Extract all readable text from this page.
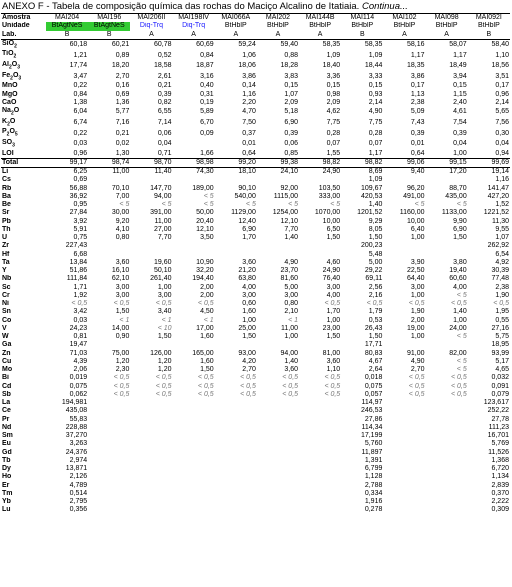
ANEXO F - Tabela de composição química das rochas do Maciço Alcalino de Itatiaia. Continua...
Amostra	MAI204	MAI196	MAI206II	MAI198IV	MAI066A	MAI202	MAI144B	MAI114	MAI102	MAI098	MAI092I
Unidade	BtAgtNeS	BtAgtNeS	Diq-Trq	Diq-Trq	BtHblP	BtHblP	BtHblP	BtHblP	BtHblP	BtHblP	BtHblP
Lab.	B	B	A	A	A	A	A	B	A	A	B
SiO$_2$	60,18	60,21	60,78	60,69	59,24	59,40	58,35	58,35	58,16	58,07	58,40
TiO$_2$	1,21	0,89	0,52	0,84	1,06	0,88	1,09	1,09	1,17	1,17	1,10
$Al_2O_3$	17,74	18,20	18,58	18,87	18,06	18,28	18,40	18,44	18,35	18,49	18,56
$Fe_2O_3$	3,47	2,70	2,61	3,16	3,86	3,83	3,36	3,33	3,86	3,94	3,51
MnO	0,22	0,16	0,21	0,40	0,14	0,15	0,15	0,15	0,17	0,15	0,17
MgO	0,84	0,69	0,39	0,31	1,16	1,07	0,98	0,93	1,13	1,15	0,96
CaO	1,38	1,36	0,82	0,19	2,20	2,09	2,09	2,14	2,38	2,40	2,14
$Na_2O$	6,04	5,77	6,55	5,89	4,70	5,18	4,62	4,90	5,09	4,61	5,65
$K_2O$	6,74	7,16	7,14	6,70	7,50	6,90	7,75	7,75	7,43	7,54	7,56
$P_2O_5$	0,22	0,21	0,06	0,09	0,37	0,39	0,28	0,28	0,39	0,39	0,30
$SO_3$	0,03	0,02	0,04		0,01	0,06	0,07	0,07	0,01	0,04	0,04
LOI	0,96	1,30	0,71	1,66	0,64	0,85	1,55	1,17	0,64	1,00	0,94
Total	99,17	98,74	98,70	98,98	99,20	99,38	98,82	98,82	99,06	99,15	99,69
Li	6,25	11,00	11,40	74,30	18,10	24,10	24,90	8,69	9,40	17,20	19,14
Cs	0,69							1,09			1,16
Rb	56,88	70,10	147,70	189,00	90,10	92,00	103,50	109,67	96,20	88,70	141,47
Ba	36,92	7,00	94,00	< 5	540,00	1115,00	333,00	420,53	491,00	435,00	427,20
Be	0,95	< 5	< 5	< 5	< 5	< 5	< 5	1,40	< 5	< 5	1,52
Sr	27,84	30,00	391,00	50,00	1129,00	1254,00	1070,00	1201,52	1160,00	1133,00	1221,52
Pb	3,92	9,20	11,00	20,40	12,40	12,10	10,00	9,29	10,00	9,90	11,30
Th	5,91	4,10	27,00	12,10	6,90	7,70	6,50	8,05	6,40	6,90	9,55
U	0,75	0,80	7,70	3,50	1,70	1,40	1,50	1,50	1,00	1,50	1,07
Zr	227,43							200,23			262,92
Hf	6,68							5,48			6,54
Ta	13,84	3,60	19,60	10,90	3,60	4,90	4,60	5,00	3,90	3,80	4,92
Y	51,86	16,10	50,10	32,20	21,20	23,70	24,90	29,22	22,50	19,40	30,39
Nb	111,84	62,10	261,40	194,40	63,80	81,60	76,40	69,11	64,40	60,60	77,48
Sc	1,71	3,00	1,00	2,00	4,00	5,00	3,00	2,56	3,00	4,00	2,38
Cr	1,92	3,00	3,00	2,00	3,00	3,00	4,00	2,16	1,00	< 5	1,90
Ni	< 0,5	< 0,5	< 0,5	< 0,5	0,60	0,80	< 0,5	< 0,5	< 0,5	< 0,5	< 0,5
Sn	3,42	1,50	3,40	4,50	1,60	2,10	1,70	1,79	1,90	1,40	1,95
Co	0,03	< 1	< 1	< 1	1,00	< 1	1,00	0,53	2,00	1,00	0,55
V	24,23	14,00	< 10	17,00	25,00	11,00	23,00	26,43	19,00	24,00	27,16
W	0,81	0,90	1,50	1,60	1,50	1,00	1,50	1,50	1,00	< 5	5,75
Ga	19,47							17,71			18,95
Zn	71,03	75,00	126,00	165,00	93,00	94,00	81,00	80,83	91,00	82,00	93,99
Cu	4,39	1,20	1,20	1,60	4,20	1,40	3,60	4,67	4,90	< 5	5,17
Mo	2,06	2,30	1,20	1,50	2,70	3,60	1,10	2,64	2,70	< 5	4,65
Bi	0,019	< 0,5	< 0,5	< 0,5	< 0,5	< 0,5	< 0,5	0,018	< 0,5	< 0,5	0,032
Cd	0,075	< 0,5	< 0,5	< 0,5	< 0,5	< 0,5	< 0,5	0,075	< 0,5	< 0,5	0,091
Sb	0,062	< 0,5	< 0,5	< 0,5	< 0,5	< 0,5	< 0,5	0,057	< 0,5	< 0,5	0,079
La	194,981							114,97			123,617
Ce	435,08							246,53			252,22
Pr	55,83							27,86			27,78
Nd	228,88							114,34			111,23
Sm	37,270							17,199			16,701
Eu	3,263							5,760			5,769
Gd	24,376							11,897			11,526
Tb	2,974							1,391			1,368
Dy	13,871							6,799			6,720
Ho	2,126							1,128			1,134
Er	4,789							2,788			2,839
Tm	0,514							0,334			0,370
Yb	2,795							1,916			2,222
Lu	0,356							0,278			0,309
